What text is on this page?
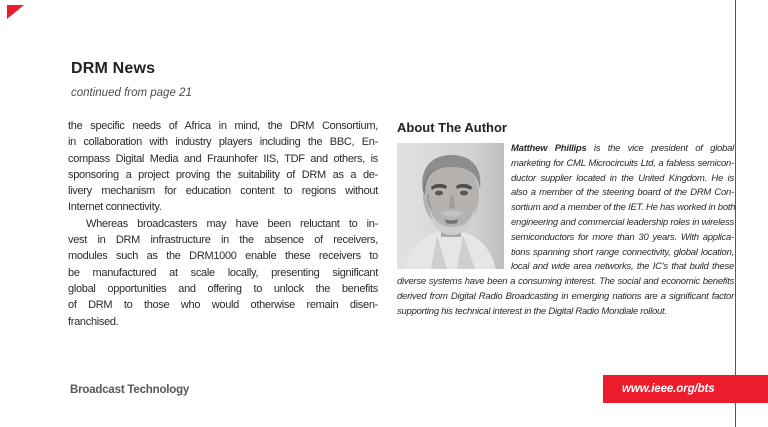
DRM News
continued from page 21
the specific needs of Africa in mind, the DRM Consortium,
in collaboration with industry players including the BBC, En-
compass Digital Media and Fraunhofer IIS, TDF and others, is
sponsoring a project proving the suitability of DRM as a de-
livery mechanism for education content to regions without
Internet connectivity.
Whereas broadcasters may have been reluctant to in-
vest in DRM infrastructure in the absence of receivers,
modules such as the DRM1000 enable these receivers to
be manufactured at scale locally, presenting significant
global opportunities and offering to unlock the benefits
of DRM to those who would otherwise remain disen-
franchised.
About The Author
Matthew Phillips is the vice president of global
marketing for CML Microcircuits Ltd, a fabless semicon-
ductor supplier located in the United Kingdom. He is
also a member of the steering board of the DRM Con-
sortium and a member of the IET. He has worked in both
engineering and commercial leadership roles in wireless
semiconductors for more than 30 years. With applica-
tions spanning short range connectivity, global location,
local and wide area networks, the IC's that build these
diverse systems have been a consuming interest. The social and economic benefits
derived from Digital Radio Broadcasting in emerging nations are a significant factor
supporting his technical interest in the Digital Radio Mondiale rollout.
Broadcast Technology	www.ieee.org/bts
